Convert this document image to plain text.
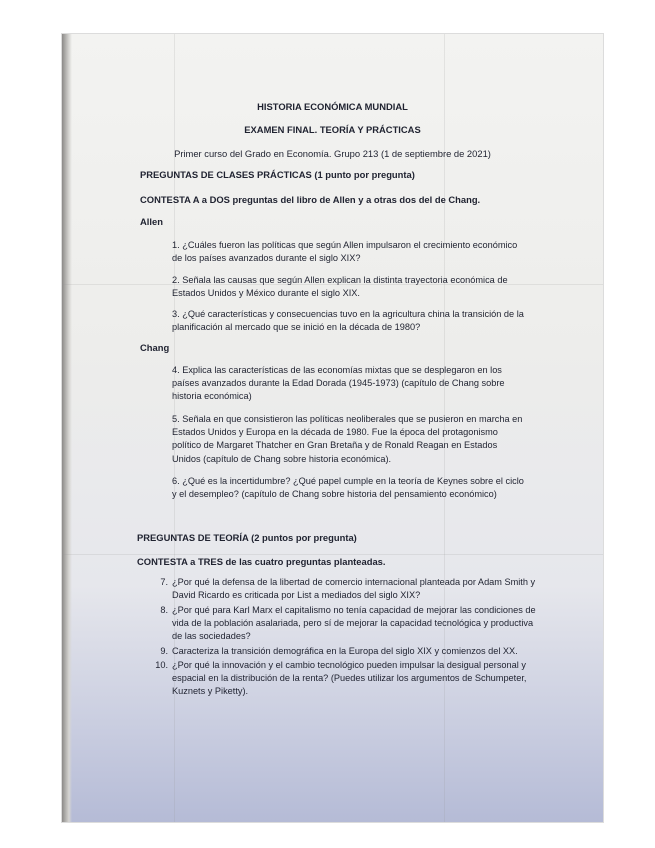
HISTORIA ECONÓMICA MUNDIAL
EXAMEN FINAL. TEORÍA Y PRÁCTICAS
Primer curso del Grado en Economía. Grupo 213 (1 de septiembre de 2021)
PREGUNTAS DE CLASES PRÁCTICAS (1 punto por pregunta)
CONTESTA A a DOS preguntas del libro de Allen y a otras dos del de Chang.
Allen
1. ¿Cuáles fueron las políticas que según Allen impulsaron el crecimiento económico de los países avanzados durante el siglo XIX?
2. Señala las causas que según Allen explican la distinta trayectoria económica de Estados Unidos y México durante el siglo XIX.
3. ¿Qué características y consecuencias tuvo en la agricultura china la transición de la planificación al mercado que se inició en la década de 1980?
Chang
4. Explica las características de las economías mixtas que se desplegaron en los países avanzados durante la Edad Dorada (1945-1973) (capítulo de Chang sobre historia económica)
5. Señala en que consistieron las políticas neoliberales que se pusieron en marcha en Estados Unidos y Europa en la década de 1980. Fue la época del protagonismo político de Margaret Thatcher en Gran Bretaña y de Ronald Reagan en Estados Unidos (capítulo de Chang sobre historia económica).
6. ¿Qué es la incertidumbre? ¿Qué papel cumple en la teoría de Keynes sobre el ciclo y el desempleo? (capítulo de Chang sobre historia del pensamiento económico)
PREGUNTAS DE TEORÍA (2 puntos por pregunta)
CONTESTA a TRES de las cuatro preguntas planteadas.
7. ¿Por qué la defensa de la libertad de comercio internacional planteada por Adam Smith y David Ricardo es criticada por List a mediados del siglo XIX?
8. ¿Por qué para Karl Marx el capitalismo no tenía capacidad de mejorar las condiciones de vida de la población asalariada, pero sí de mejorar la capacidad tecnológica y productiva de las sociedades?
9. Caracteriza la transición demográfica en la Europa del siglo XIX y comienzos del XX.
10. ¿Por qué la innovación y el cambio tecnológico pueden impulsar la desigual personal y espacial en la distribución de la renta? (Puedes utilizar los argumentos de Schumpeter, Kuznets y Piketty).
